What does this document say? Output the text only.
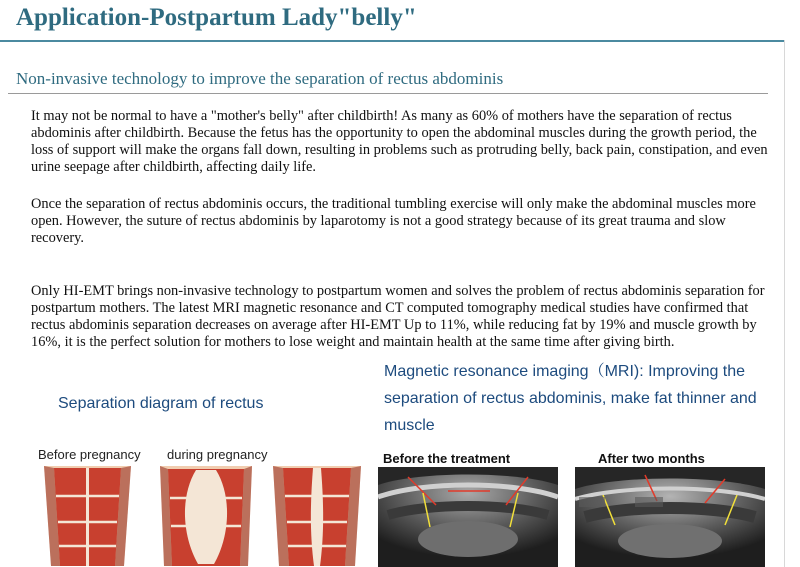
Application-Postpartum Lady"belly"
Non-invasive technology to improve the separation of rectus abdominis

It may not be normal to have a "mother's belly" after childbirth! As many as 60% of mothers have the separation of rectus abdominis after childbirth. Because the fetus has the opportunity to open the abdominal muscles during the growth period, the loss of support will make the organs fall down, resulting in problems such as protruding belly, back pain, constipation, and even urine seepage after childbirth, affecting daily life.

Once the separation of rectus abdominis occurs, the traditional tumbling exercise will only make the abdominal muscles more open. However, the suture of rectus abdominis by laparotomy is not a good strategy because of its great trauma and slow recovery.

Only HI-EMT brings non-invasive technology to postpartum women and solves the problem of rectus abdominis separation for postpartum mothers. The latest MRI magnetic resonance and CT computed tomography medical studies have confirmed that rectus abdominis separation decreases on average after HI-EMT Up to 11%, while reducing fat by 19% and muscle growth by 16%, it is the perfect solution for mothers to lose weight and maintain health at the same time after giving birth.

Separation diagram of rectus
Magnetic resonance imaging（MRI): Improving the separation of rectus abdominis, make fat thinner and muscle
Before pregnancy during pregnancy	Before the treatment	After two months
